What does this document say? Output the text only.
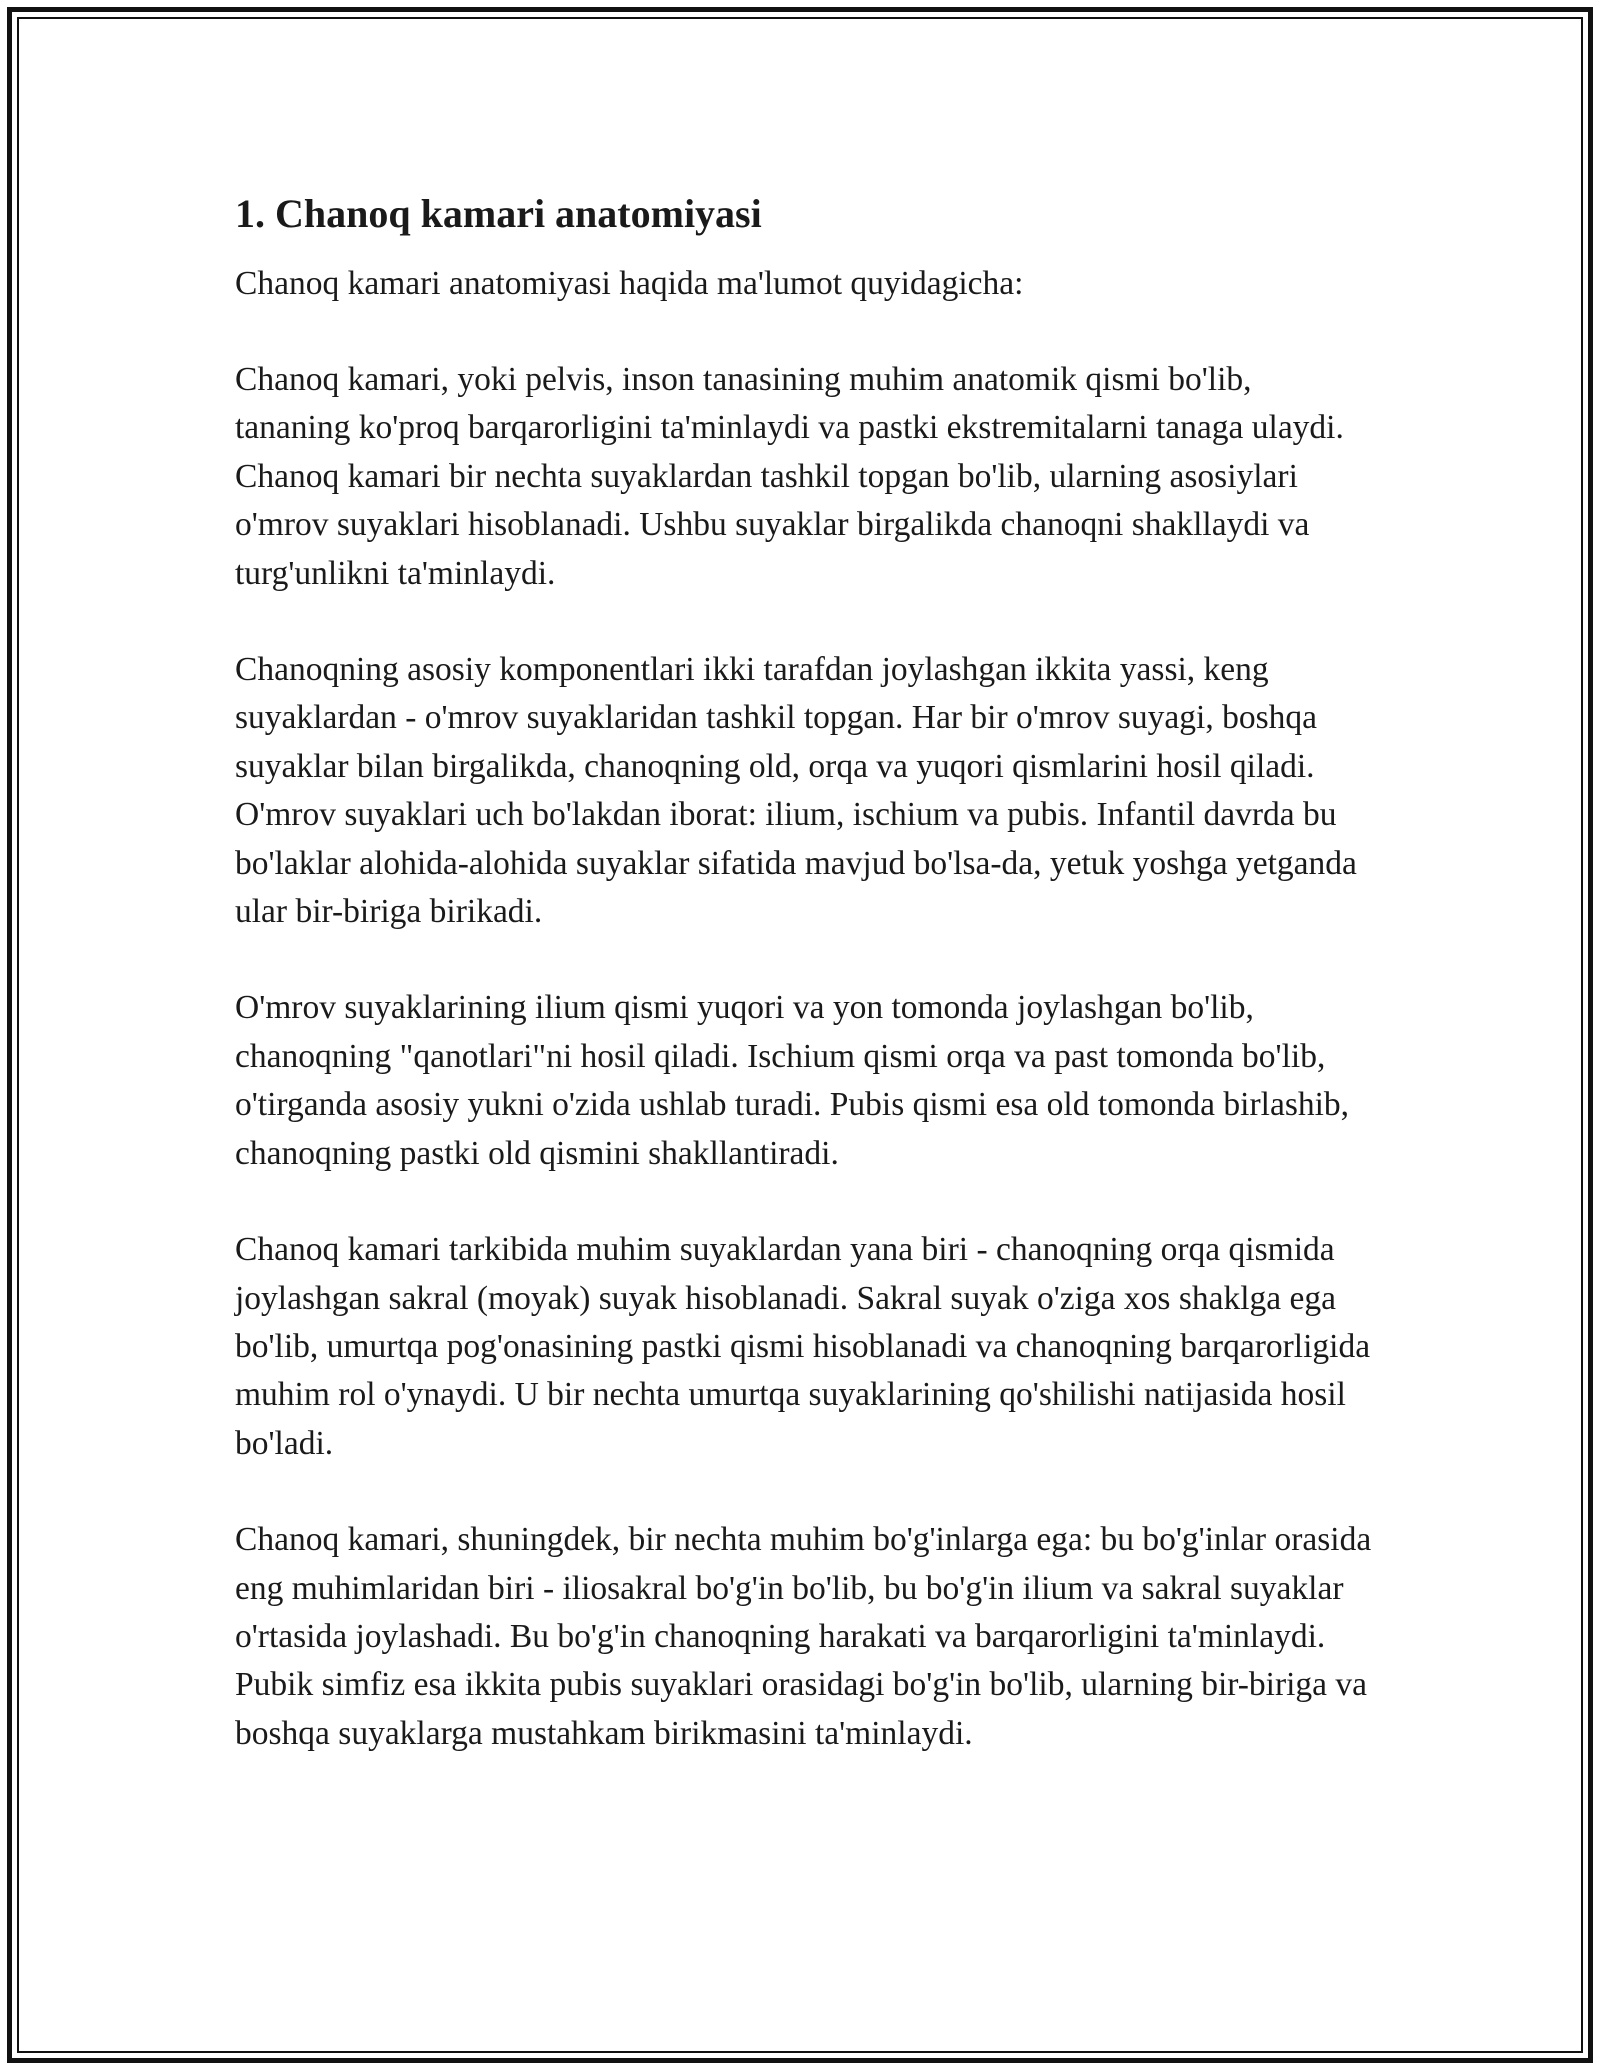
1. Chanoq kamari anatomiyasi

Chanoq kamari anatomiyasi haqida ma'lumot quyidagicha:

Chanoq kamari, yoki pelvis, inson tanasining muhim anatomik qismi bo'lib, tananing ko'proq barqarorligini ta'minlaydi va pastki ekstremitalarni tanaga ulaydi. Chanoq kamari bir nechta suyaklardan tashkil topgan bo'lib, ularning asosiylari o'mrov suyaklari hisoblanadi. Ushbu suyaklar birgalikda chanoqni shakllaydi va turg'unlikni ta'minlaydi.

Chanoqning asosiy komponentlari ikki tarafdan joylashgan ikkita yassi, keng suyaklardan - o'mrov suyaklaridan tashkil topgan. Har bir o'mrov suyagi, boshqa suyaklar bilan birgalikda, chanoqning old, orqa va yuqori qismlarini hosil qiladi. O'mrov suyaklari uch bo'lakdan iborat: ilium, ischium va pubis. Infantil davrda bu bo'laklar alohida-alohida suyaklar sifatida mavjud bo'lsa-da, yetuk yoshga yetganda ular bir-biriga birikadi.

O'mrov suyaklarining ilium qismi yuqori va yon tomonda joylashgan bo'lib, chanoqning "qanotlari"ni hosil qiladi. Ischium qismi orqa va past tomonda bo'lib, o'tirganda asosiy yukni o'zida ushlab turadi. Pubis qismi esa old tomonda birlashib, chanoqning pastki old qismini shakllantiradi.

Chanoq kamari tarkibida muhim suyaklardan yana biri - chanoqning orqa qismida joylashgan sakral (moyak) suyak hisoblanadi. Sakral suyak o'ziga xos shaklga ega bo'lib, umurtqa pog'onasining pastki qismi hisoblanadi va chanoqning barqarorligida muhim rol o'ynaydi. U bir nechta umurtqa suyaklarining qo'shilishi natijasida hosil bo'ladi.

Chanoq kamari, shuningdek, bir nechta muhim bo'g'inlarga ega: bu bo'g'inlar orasida eng muhimlaridan biri - iliosakral bo'g'in bo'lib, bu bo'g'in ilium va sakral suyaklar o'rtasida joylashadi. Bu bo'g'in chanoqning harakati va barqarorligini ta'minlaydi. Pubik simfiz esa ikkita pubis suyaklari orasidagi bo'g'in bo'lib, ularning bir-biriga va boshqa suyaklarga mustahkam birikmasini ta'minlaydi.
